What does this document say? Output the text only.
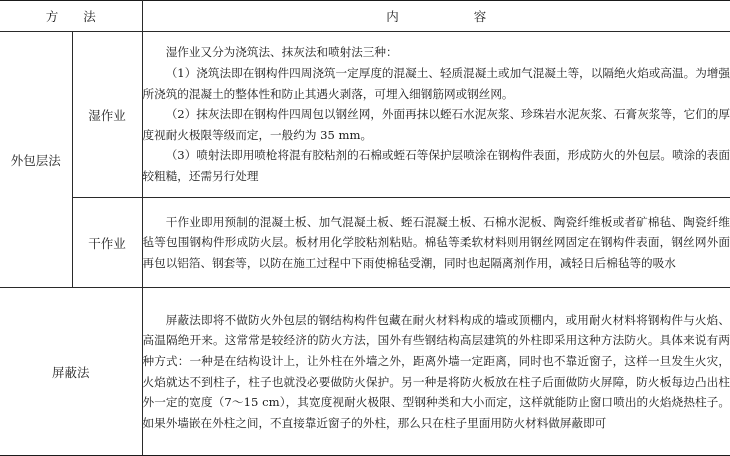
方　　法		内　　　　　　容
外包层法	湿作业	湿作业又分为浇筑法、抹灰法和喷射法三种：

（1）浇筑法即在钢构件四周浇筑一定厚度的混凝土、轻质混凝土或加气混凝土等，以隔绝火焰或高温。为增强所浇筑的混凝土的整体性和防止其遇火剥落，可埋入细钢筋网或钢丝网。

（2）抹灰法即在钢构件四周包以钢丝网，外面再抹以蛭石水泥灰浆、珍珠岩水泥灰浆、石膏灰浆等，它们的厚度视耐火极限等级而定，一般约为 35 mm。

（3）喷射法即用喷枪将混有胶粘剂的石棉或蛭石等保护层喷涂在钢构件表面，形成防火的外包层。喷涂的表面较粗糙，还需另行处理

	干作业	干作业即用预制的混凝土板、加气混凝土板、蛭石混凝土板、石棉水泥板、陶瓷纤维板或者矿棉毡、陶瓷纤维毡等包围钢构件形成防火层。板材用化学胶粘剂粘贴。棉毡等柔软材料则用钢丝网固定在钢构件表面，钢丝网外面再包以铝箔、钢套等，以防在施工过程中下雨使棉毡受潮，同时也起隔离剂作用，减轻日后棉毡等的吸水

屏蔽法		屏蔽法即将不做防火外包层的钢结构构件包藏在耐火材料构成的墙或顶棚内，或用耐火材料将钢构件与火焰、高温隔绝开来。这常常是较经济的防火方法，国外有些钢结构高层建筑的外柱即采用这种方法防火。具体来说有两种方式：一种是在结构设计上，让外柱在外墙之外，距离外墙一定距离，同时也不靠近窗子，这样一旦发生火灾，火焰就达不到柱子，柱子也就没必要做防火保护。另一种是将防火板放在柱子后面做防火屏障，防火板每边凸出柱外一定的宽度（7～15 cm），其宽度视耐火极限、型钢种类和大小而定，这样就能防止窗口喷出的火焰烧热柱子。如果外墙嵌在外柱之间，不直接靠近窗子的外柱，那么只在柱子里面用防火材料做屏蔽即可
